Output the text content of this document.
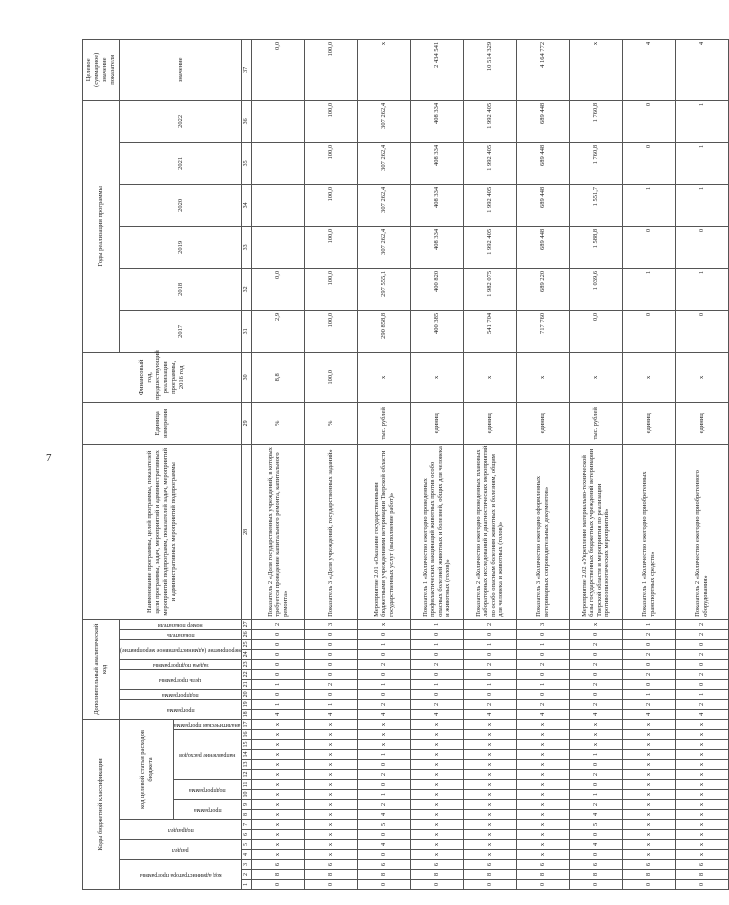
7
Коды бюджетной классификации																	Дополнительный аналитический код										Наименование программы, целей программы, показателей цели программы, задач, мероприятий и административных мероприятий подпрограмм, показателей задач, мероприятий и административных мероприятий подпрограммы	Единица измерения	Финансовый год, предшествующий реализации программы, 2016 год	Годы реализации программы						Целевое (суммарное) значение показателя

код администратора программы			раздел		подраздел		код целевой статьи расходов бюджета										программа		подпрограмма	цель программы		задача подпрограммы	мероприятие (административное мероприятие)		показатель	номер показателя				2017	2018	2019	2020	2021	2022	значение

							программа		подпрограмма		направление расходов					аналитическая программа																				

1	2	3	4	5	6	7	8	9	10	11	12	13	14	15	16	17	18	19	20	21	22	23	24	25	26	27	28	29	30	31	32	33	34	35	36	37
0	8	6	x	x	x	x	x	x	x	x	x	x	x	x	x	x	4	1	0	1	0	0	0	0	0	2	Показатель 2 «Доля государственных учреждений, в которых требуется проведение капитального ремонта, капитального ремонта»	%	8,8	2,9	0,0					0,0
0	8	6	x	x	x	x	x	x	x	x	x	x	x	x	x	x	4	1	0	2	0	0	0	0	0	3	Показатель 3 «Доля учреждений, государственных заданий»	%	100,0	100,0	100,0	100,0	100,0	100,0	100,0	100,0
0	8	6	0	4	0	5	4	2	1	0	2	0	1	x	x	x	4	2	0	1	0	2	0	1	0	x	Мероприятие 2.01 «Оказание государственными бюджетными учреждениями ветеринарии Тверской области государственных услуг (выполнение работ)»	тыс. рублей	x	290 858,8	297 555,1	307 262,4	307 262,4	307 262,4	307 262,4	x
0	8	6	x	x	x	x	x	x	x	x	x	x	x	x	x	x	4	2	0	1	0	2	0	1	0	1	Показатель 1 «Количество ежегодно проведенных профилактических вакцинаций животных против особо опасных болезней животных и болезней, общих для человека и животных (голов)»	единиц	x	400 385	400 820	408 334	408 334	408 334	408 334	2 434 541
0	8	6	x	x	x	x	x	x	x	x	x	x	x	x	x	x	4	2	0	1	0	2	0	1	0	2	Показатель 2 «Количество ежегодно проведенных плановых лабораторных исследований и диагностических мероприятий по особо опасным болезням животных и болезням, общим для человека и животных (голов)»	единиц	x	541 704	1 982 075	1 992 405	1 992 405	1 992 405	1 992 405	10 514 329
0	8	6	x	x	x	x	x	x	x	x	x	x	x	x	x	x	4	2	0	1	0	2	0	1	0	3	Показатель 3 «Количество ежегодно оформленных ветеринарных сопроводительных документов»	единиц	x	717 760	689 220	689 448	689 448	689 448	689 448	4 164 772
0	8	6	0	4	0	5	4	2	1	0	2	0	1	x	x	x	4	2	0	2	0	2	0	2	0	x	Мероприятие 2.02 «Укрепление материально-технической базы государственных бюджетных учреждений ветеринарии Тверской области и мероприятия по реализации противоэпизоотических мероприятий»	тыс. рублей	x	0,0	1 039,6	1 588,8	1 551,7	1 760,8	1 760,8	x
0	8	6	x	x	x	x	x	x	x	x	x	x	x	x	x	x	4	2	1	0	2	0	2	0	2	1	Показатель 1 «Количество ежегодно приобретенных транспортных средств»	единиц	x	0	1	0	1	0	0	4
0	8	6	x	x	x	x	x	x	x	x	x	x	x	x	x	x	4	2	1	0	2	0	2	0	2	2	Показатель 2 «Количество ежегодно приобретенного оборудования»	единиц	x	0	1	0	1	1	1	4
